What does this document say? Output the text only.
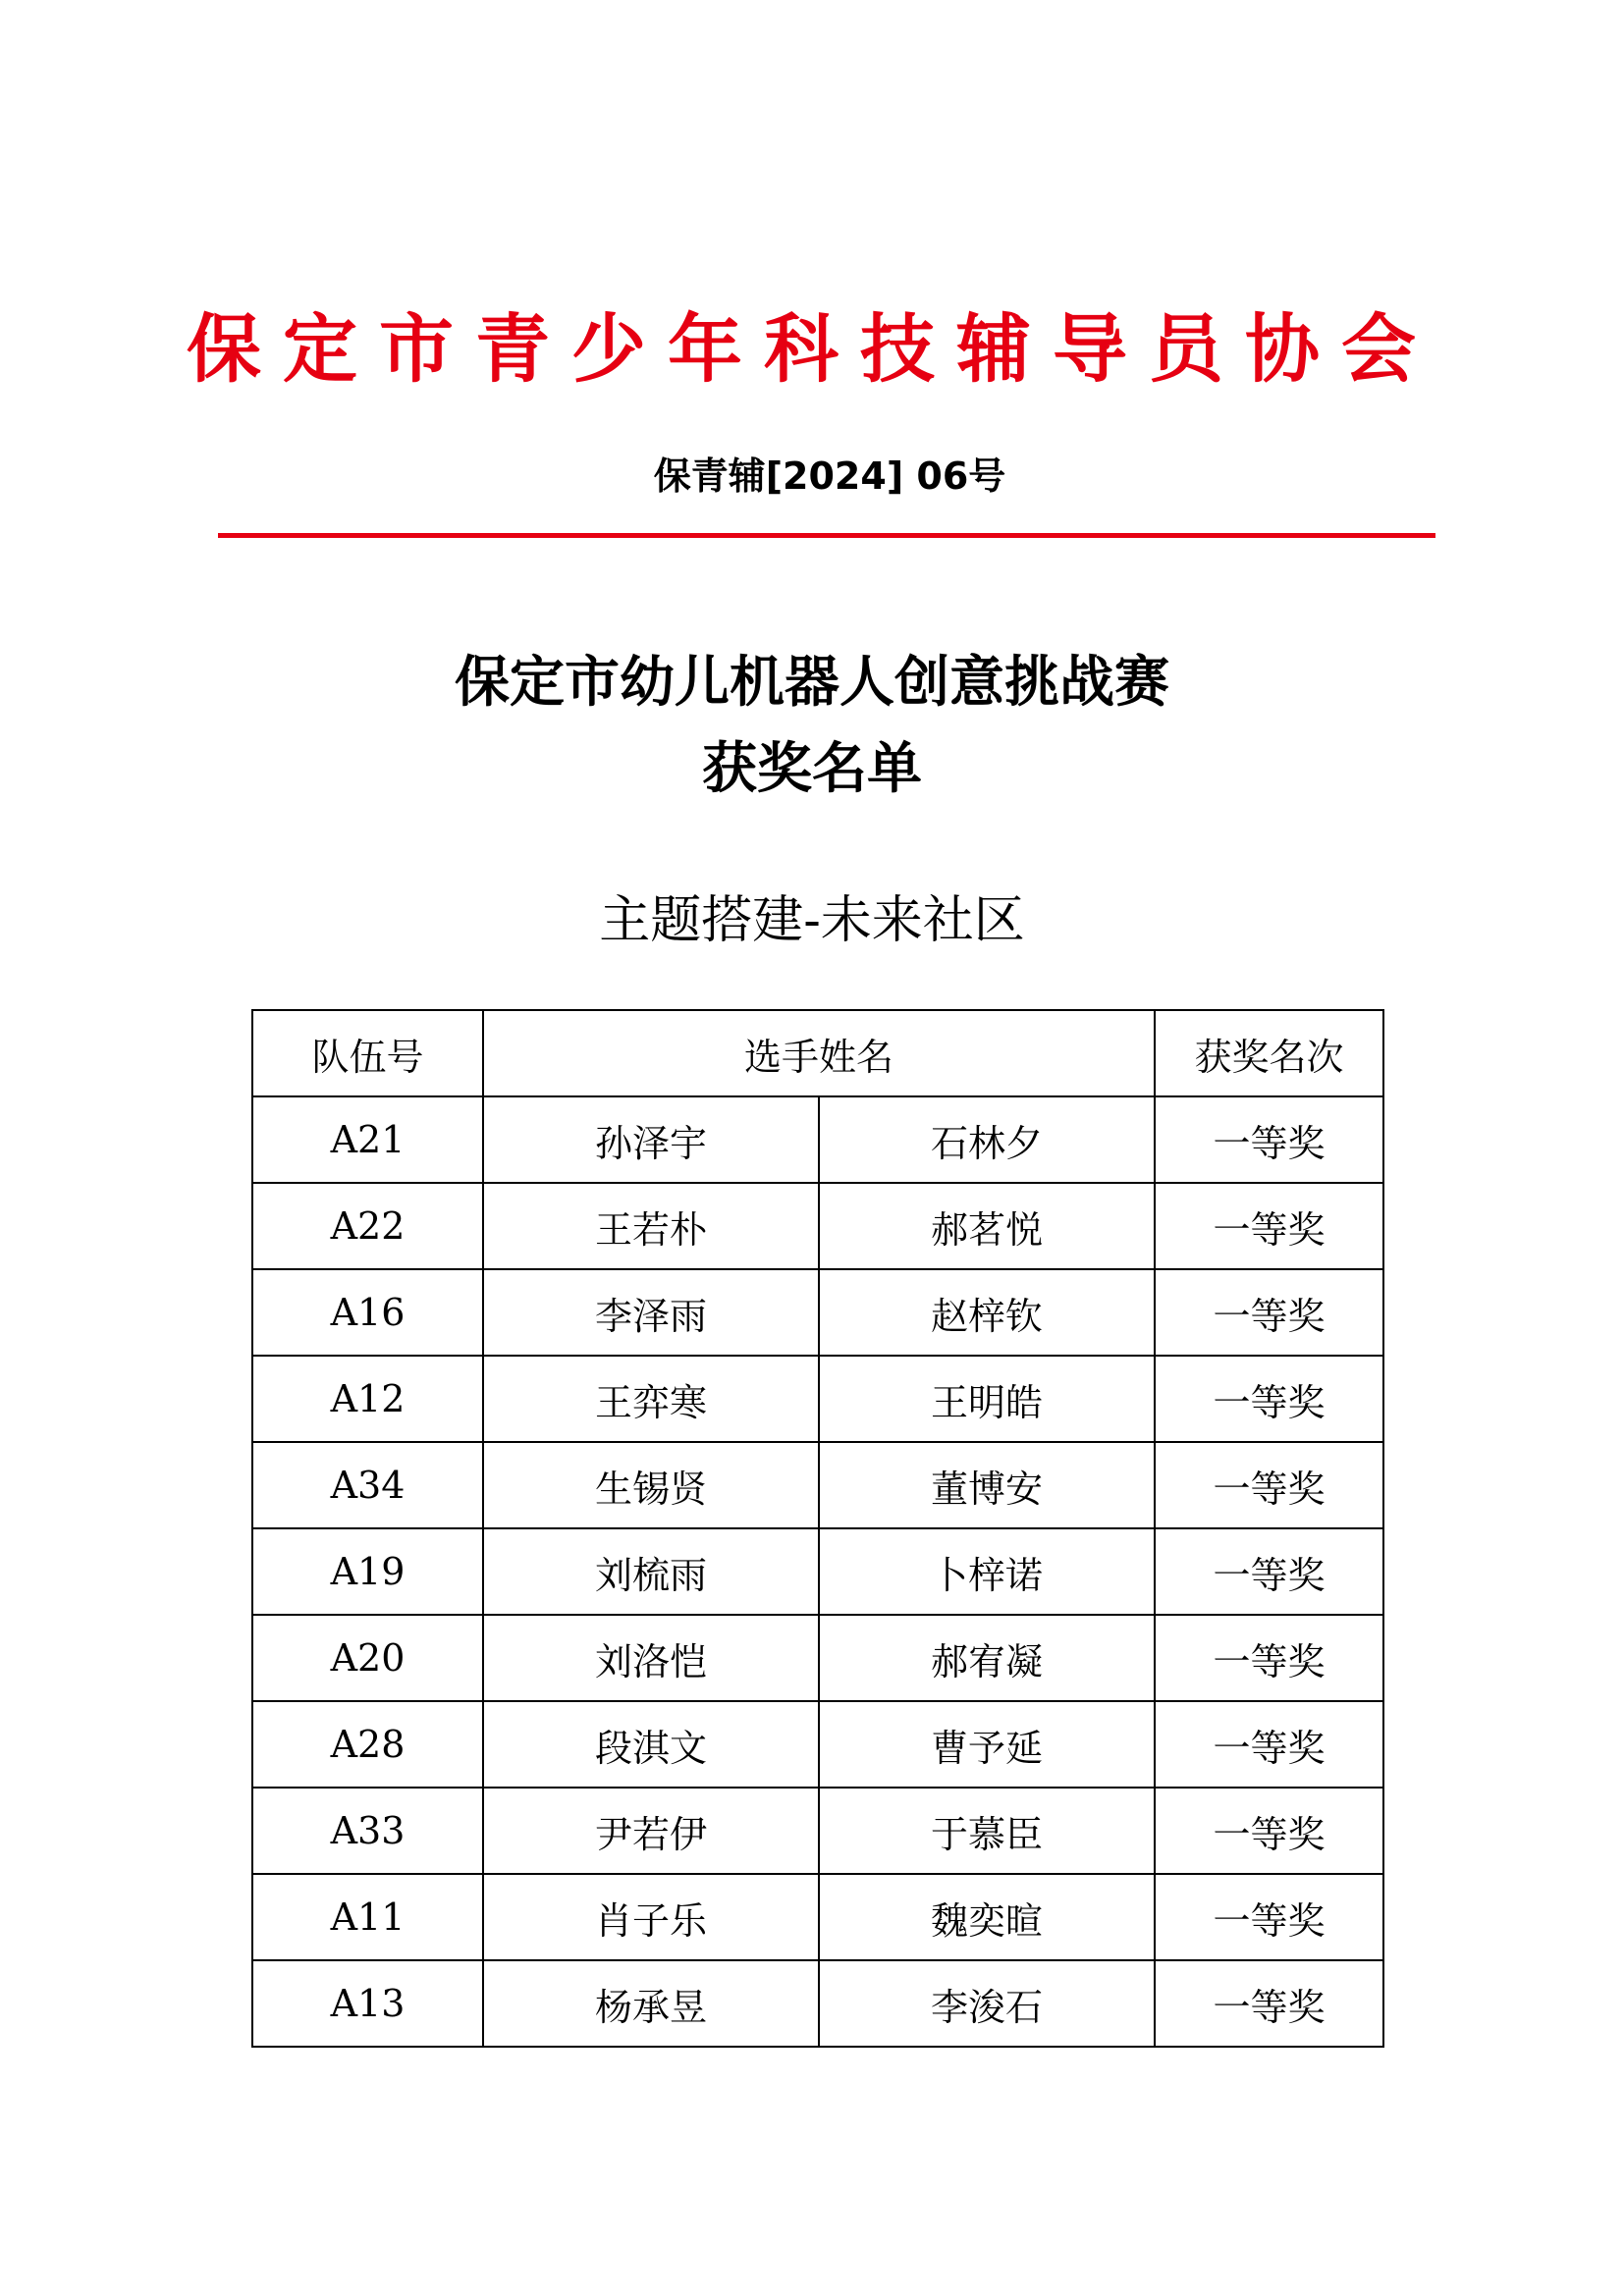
保定市青少年科技辅导员协会
保青辅[2024] 06号
保定市幼儿机器人创意挑战赛
获奖名单
主题搭建-未来社区
队伍号	选手姓名		获奖名次
A21	孙泽宇	石林夕	一等奖
A22	王若朴	郝茗悦	一等奖
A16	李泽雨	赵梓钦	一等奖
A12	王弈寒	王明皓	一等奖
A34	生锡贤	董博安	一等奖
A19	刘梳雨	卜梓诺	一等奖
A20	刘洛恺	郝宥凝	一等奖
A28	段淇文	曹予延	一等奖
A33	尹若伊	于慕臣	一等奖
A11	肖子乐	魏奕暄	一等奖
A13	杨承昱	李浚石	一等奖
